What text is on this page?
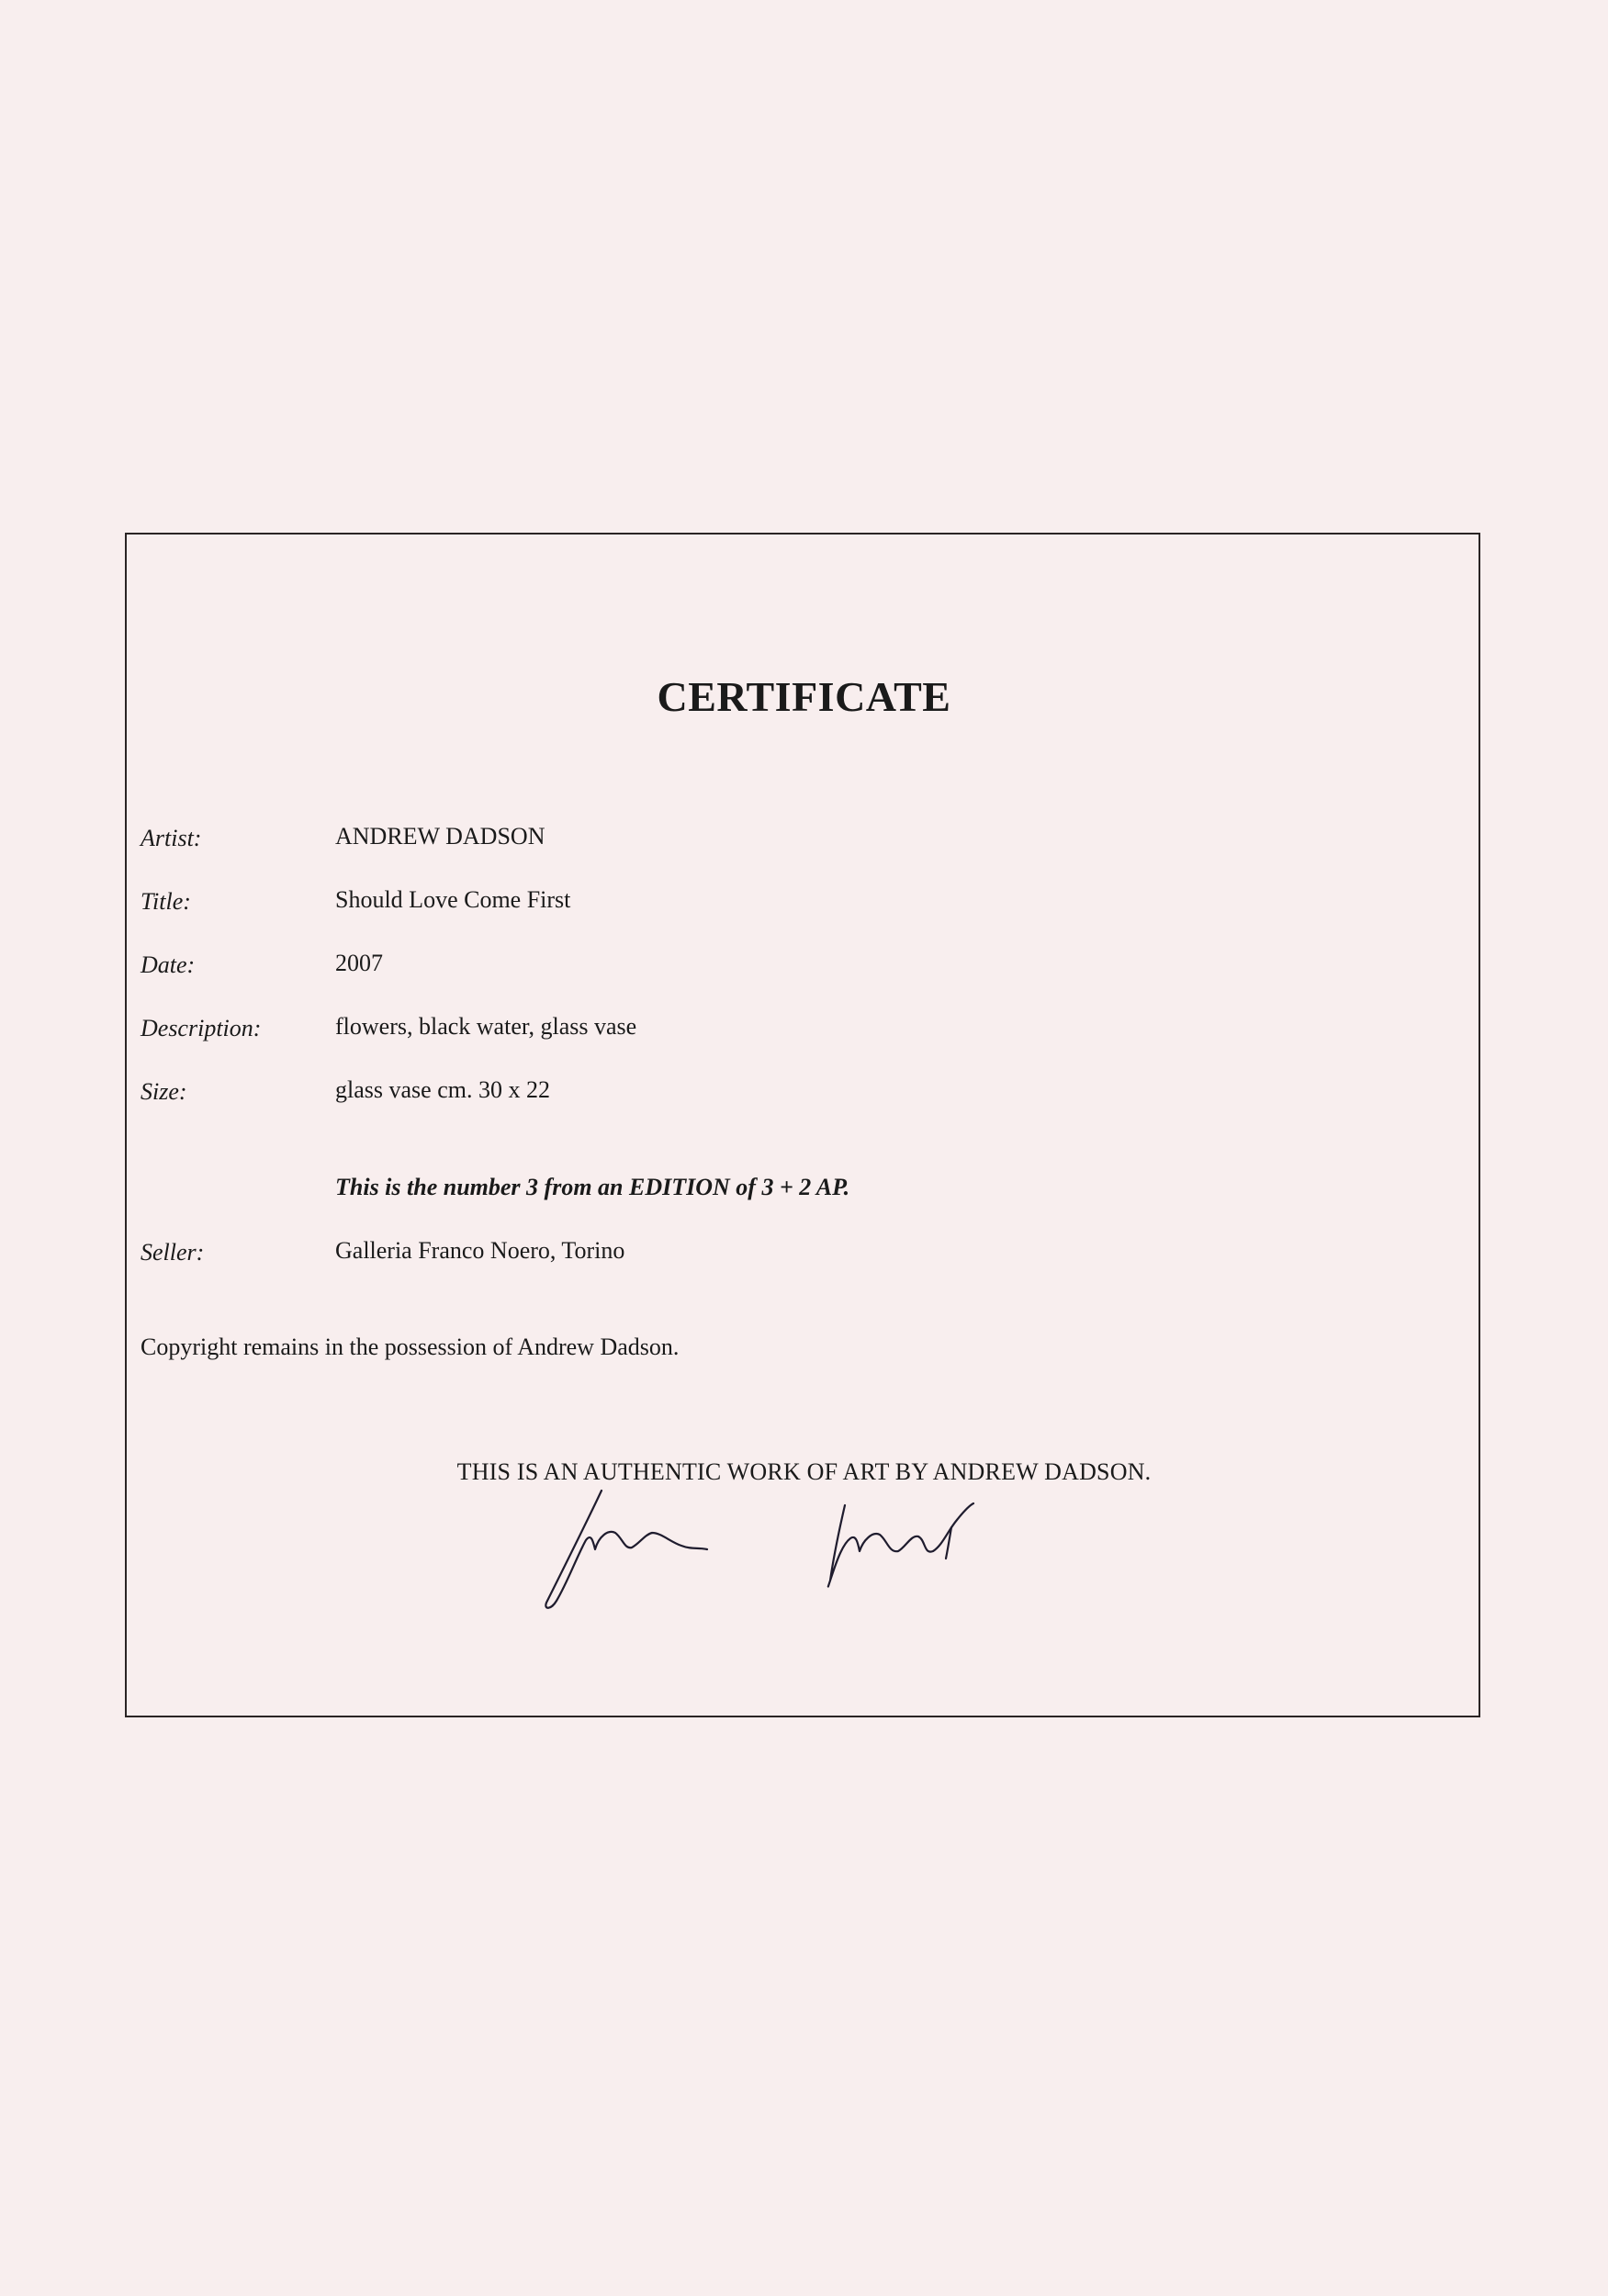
CERTIFICATE
Artist:	ANDREW DADSON
Title:	Should Love Come First
Date:	2007
Description:	flowers, black water, glass vase
Size:	glass vase cm. 30 x 22
This is the number 3 from an EDITION of 3 + 2 AP.
Seller:	Galleria Franco Noero, Torino
Copyright remains in the possession of Andrew Dadson.
THIS IS AN AUTHENTIC WORK OF ART BY ANDREW DADSON.
